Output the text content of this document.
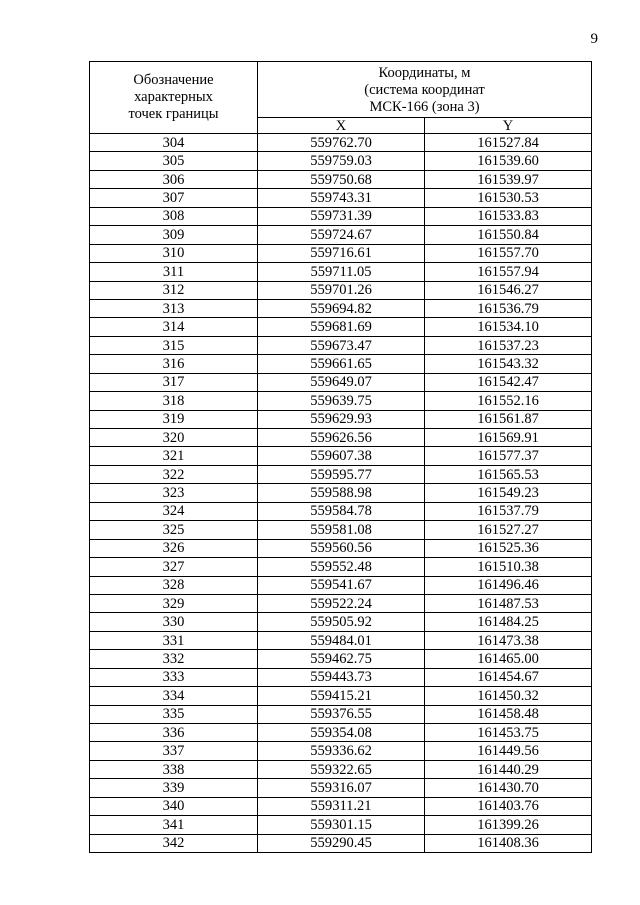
9
Обозначение
характерных
точек границы	Координаты, м
(система координат
МСК-166 (зона 3)	

	X	Y
304	559762.70	161527.84
305	559759.03	161539.60
306	559750.68	161539.97
307	559743.31	161530.53
308	559731.39	161533.83
309	559724.67	161550.84
310	559716.61	161557.70
311	559711.05	161557.94
312	559701.26	161546.27
313	559694.82	161536.79
314	559681.69	161534.10
315	559673.47	161537.23
316	559661.65	161543.32
317	559649.07	161542.47
318	559639.75	161552.16
319	559629.93	161561.87
320	559626.56	161569.91
321	559607.38	161577.37
322	559595.77	161565.53
323	559588.98	161549.23
324	559584.78	161537.79
325	559581.08	161527.27
326	559560.56	161525.36
327	559552.48	161510.38
328	559541.67	161496.46
329	559522.24	161487.53
330	559505.92	161484.25
331	559484.01	161473.38
332	559462.75	161465.00
333	559443.73	161454.67
334	559415.21	161450.32
335	559376.55	161458.48
336	559354.08	161453.75
337	559336.62	161449.56
338	559322.65	161440.29
339	559316.07	161430.70
340	559311.21	161403.76
341	559301.15	161399.26
342	559290.45	161408.36
